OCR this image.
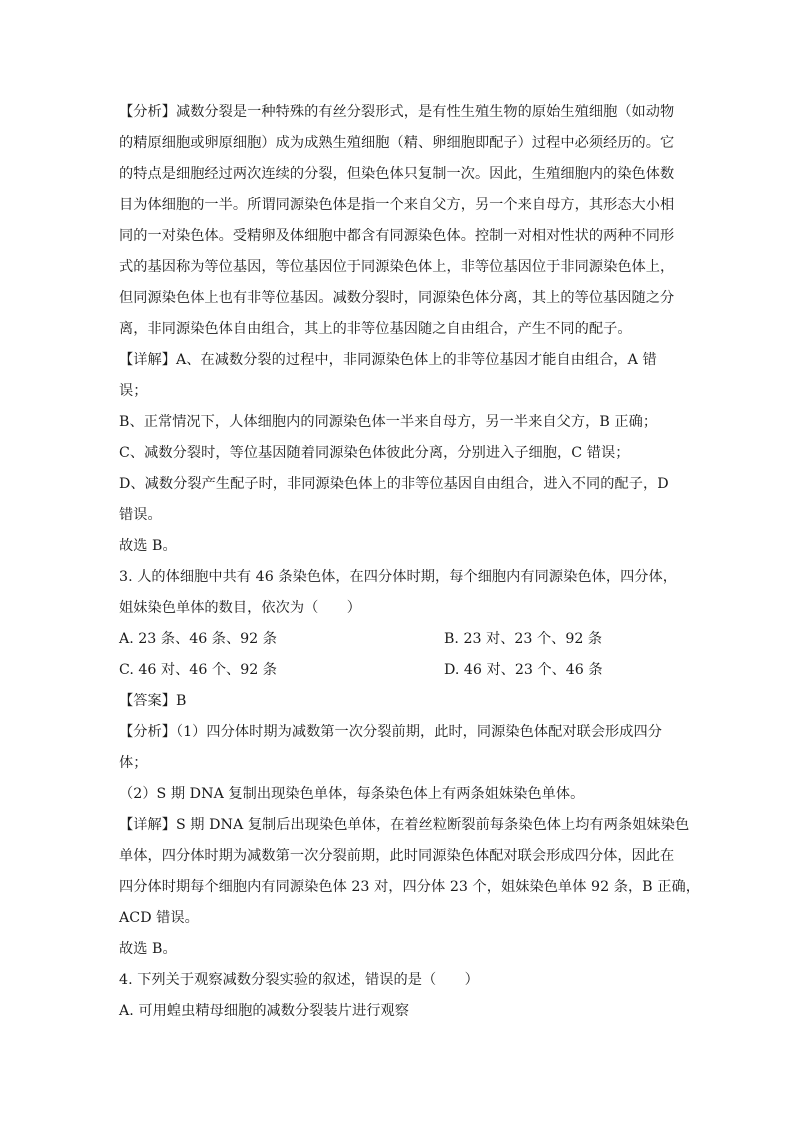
【分析】减数分裂是一种特殊的有丝分裂形式，是有性生殖生物的原始生殖细胞（如动物
的精原细胞或卵原细胞）成为成熟生殖细胞（精、卵细胞即配子）过程中必须经历的。它
的特点是细胞经过两次连续的分裂，但染色体只复制一次。因此，生殖细胞内的染色体数
目为体细胞的一半。所谓同源染色体是指一个来自父方，另一个来自母方，其形态大小相
同的一对染色体。受精卵及体细胞中都含有同源染色体。控制一对相对性状的两种不同形
式的基因称为等位基因，等位基因位于同源染色体上，非等位基因位于非同源染色体上，
但同源染色体上也有非等位基因。减数分裂时，同源染色体分离，其上的等位基因随之分
离，非同源染色体自由组合，其上的非等位基因随之自由组合，产生不同的配子。
【详解】A、在减数分裂的过程中，非同源染色体上的非等位基因才能自由组合，A 错
误；
B、正常情况下，人体细胞内的同源染色体一半来自母方，另一半来自父方，B 正确；
C、减数分裂时，等位基因随着同源染色体彼此分离，分别进入子细胞，C 错误；
D、减数分裂产生配子时，非同源染色体上的非等位基因自由组合，进入不同的配子，D
错误。
故选 B。
3. 人的体细胞中共有 46 条染色体，在四分体时期，每个细胞内有同源染色体，四分体，
姐妹染色单体的数目，依次为（　　）
A. 23 条、46 条、92 条	B. 23 对、23 个、92 条
C. 46 对、46 个、92 条	D. 46 对、23 个、46 条
【答案】B
【分析】（1）四分体时期为减数第一次分裂前期，此时，同源染色体配对联会形成四分
体；
（2）S 期 DNA 复制出现染色单体，每条染色体上有两条姐妹染色单体。
【详解】S 期 DNA 复制后出现染色单体，在着丝粒断裂前每条染色体上均有两条姐妹染色
单体，四分体时期为减数第一次分裂前期，此时同源染色体配对联会形成四分体，因此在
四分体时期每个细胞内有同源染色体 23 对，四分体 23 个，姐妹染色单体 92 条，B 正确，
ACD 错误。
故选 B。
4. 下列关于观察减数分裂实验的叙述，错误的是（　　）
A. 可用蝗虫精母细胞的减数分裂装片进行观察
